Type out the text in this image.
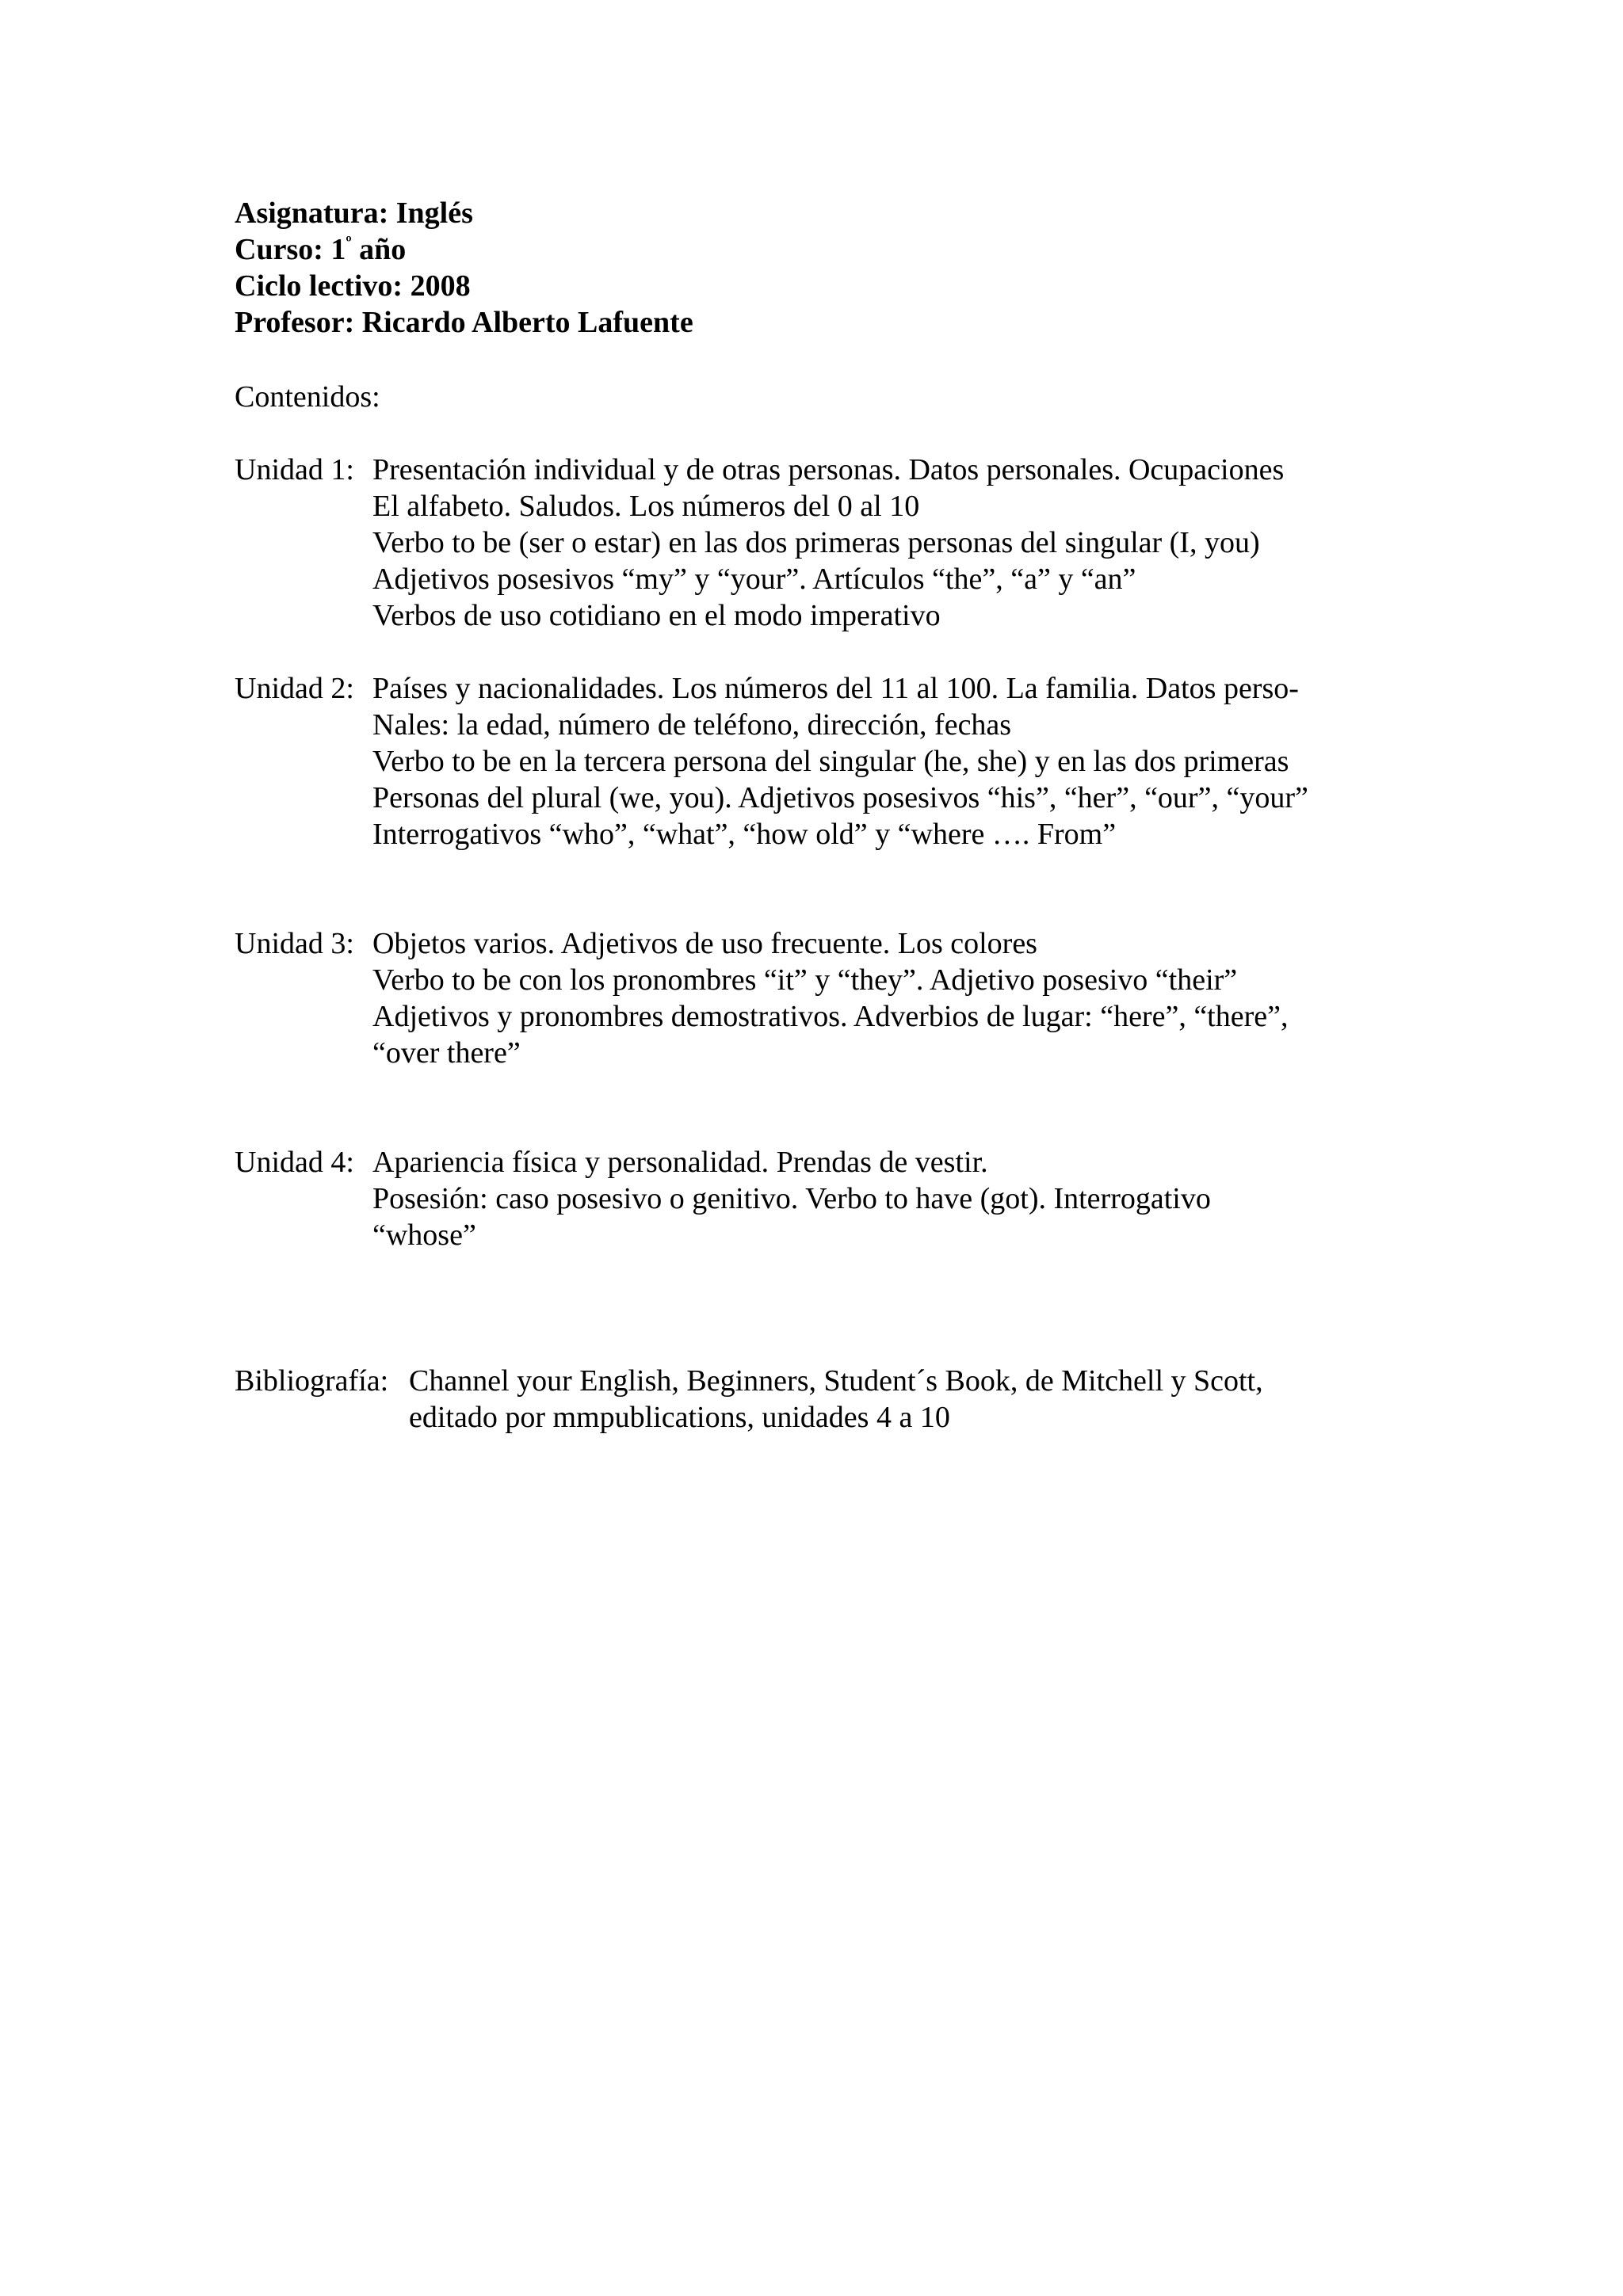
Asignatura: Inglés
Curso: $1^º$ año
Ciclo lectivo: 2008
Profesor: Ricardo Alberto Lafuente
Contenidos:
Unidad 1: Presentación individual y de otras personas. Datos personales. Ocupaciones
El alfabeto. Saludos. Los números del 0 al 10
Verbo to be (ser o estar) en las dos primeras personas del singular (I, you)
Adjetivos posesivos “my” y “your”. Artículos “the”, “a” y “an”
Verbos de uso cotidiano en el modo imperativo
Unidad 2: Países y nacionalidades. Los números del 11 al 100. La familia. Datos perso-
Nales: la edad, número de teléfono, dirección, fechas
Verbo to be en la tercera persona del singular (he, she) y en las dos primeras
Personas del plural (we, you). Adjetivos posesivos “his”, “her”, “our”, “your”
Interrogativos “who”, “what”, “how old” y “where …. From”
Unidad 3: Objetos varios. Adjetivos de uso frecuente. Los colores
Verbo to be con los pronombres “it” y “they”. Adjetivo posesivo “their”
Adjetivos y pronombres demostrativos. Adverbios de lugar: “here”, “there”,
“over there”
Unidad 4: Apariencia física y personalidad. Prendas de vestir.
Posesión: caso posesivo o genitivo. Verbo to have (got). Interrogativo
“whose”
Bibliografía: Channel your English, Beginners, Student´s Book, de Mitchell y Scott,
editado por mmpublications, unidades 4 a 10
